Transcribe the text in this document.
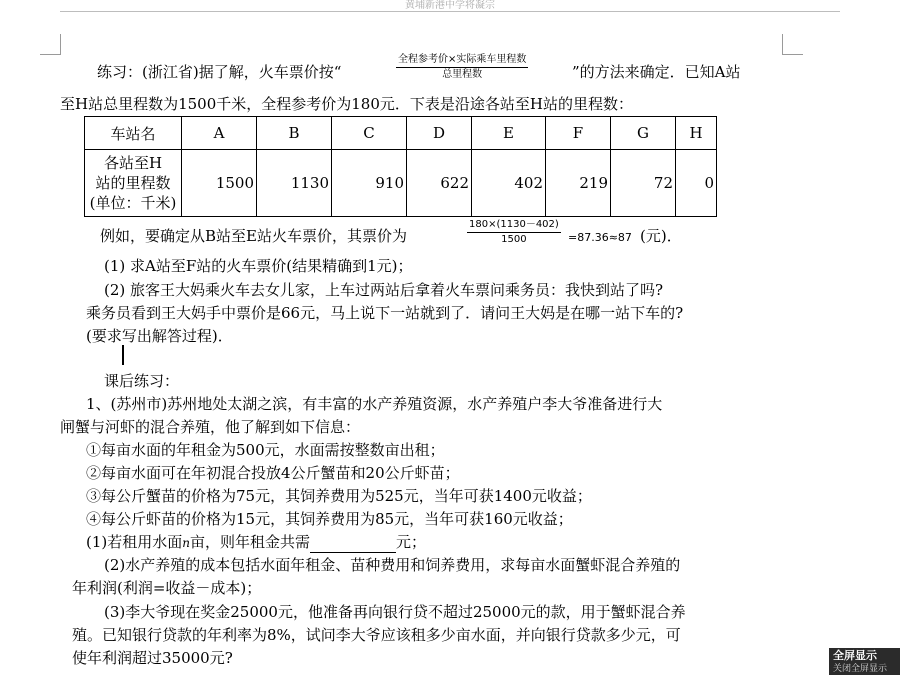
黄埔新港中学将凝宗
练习：(浙江省)据了解，火车票价按“
全程参考价×实际乘车里程数
总里程数	”的方法来确定．已知A站
至H站总里程数为1500千米，全程参考价为180元．下表是沿途各站至H站的里程数：
车站名	A	B	C	D	E	F	G	H

各站至H
站的里程数
(单位：千米)	1500	1130	910	622	402	219	72	0
例如，要确定从B站至E站火车票价，其票价为	$\frac{180\times(1130-402)}{1500} =87.36\approx 87$ (元)．
(1) 求A站至F站的火车票价(结果精确到1元)；
(2) 旅客王大妈乘火车去女儿家，上车过两站后拿着火车票问乘务员：我快到站了吗?
乘务员看到王大妈手中票价是66元，马上说下一站就到了．请问王大妈是在哪一站下车的?
(要求写出解答过程)．
课后练习：
1、(苏州市)苏州地处太湖之滨，有丰富的水产养殖资源，水产养殖户李大爷准备进行大
闸蟹与河虾的混合养殖，他了解到如下信息：
①每亩水面的年租金为500元，水面需按整数亩出租；
②每亩水面可在年初混合投放4公斤蟹苗和20公斤虾苗；
③每公斤蟹苗的价格为75元，其饲养费用为525元，当年可获1400元收益；
④每公斤虾苗的价格为15元，其饲养费用为85元，当年可获160元收益；
(1)若租用水面n亩，则年租金共需	元；
(2)水产养殖的成本包括水面年租金、苗种费用和饲养费用，求每亩水面蟹虾混合养殖的
年利润(利润=收益－成本)；
(3)李大爷现在奖金25000元，他准备再向银行贷不超过25000元的款，用于蟹虾混合养
殖。已知银行贷款的年利率为8%，试问李大爷应该租多少亩水面，并向银行贷款多少元，可
使年利润超过35000元?	全屏显示
关闭全屏显示
